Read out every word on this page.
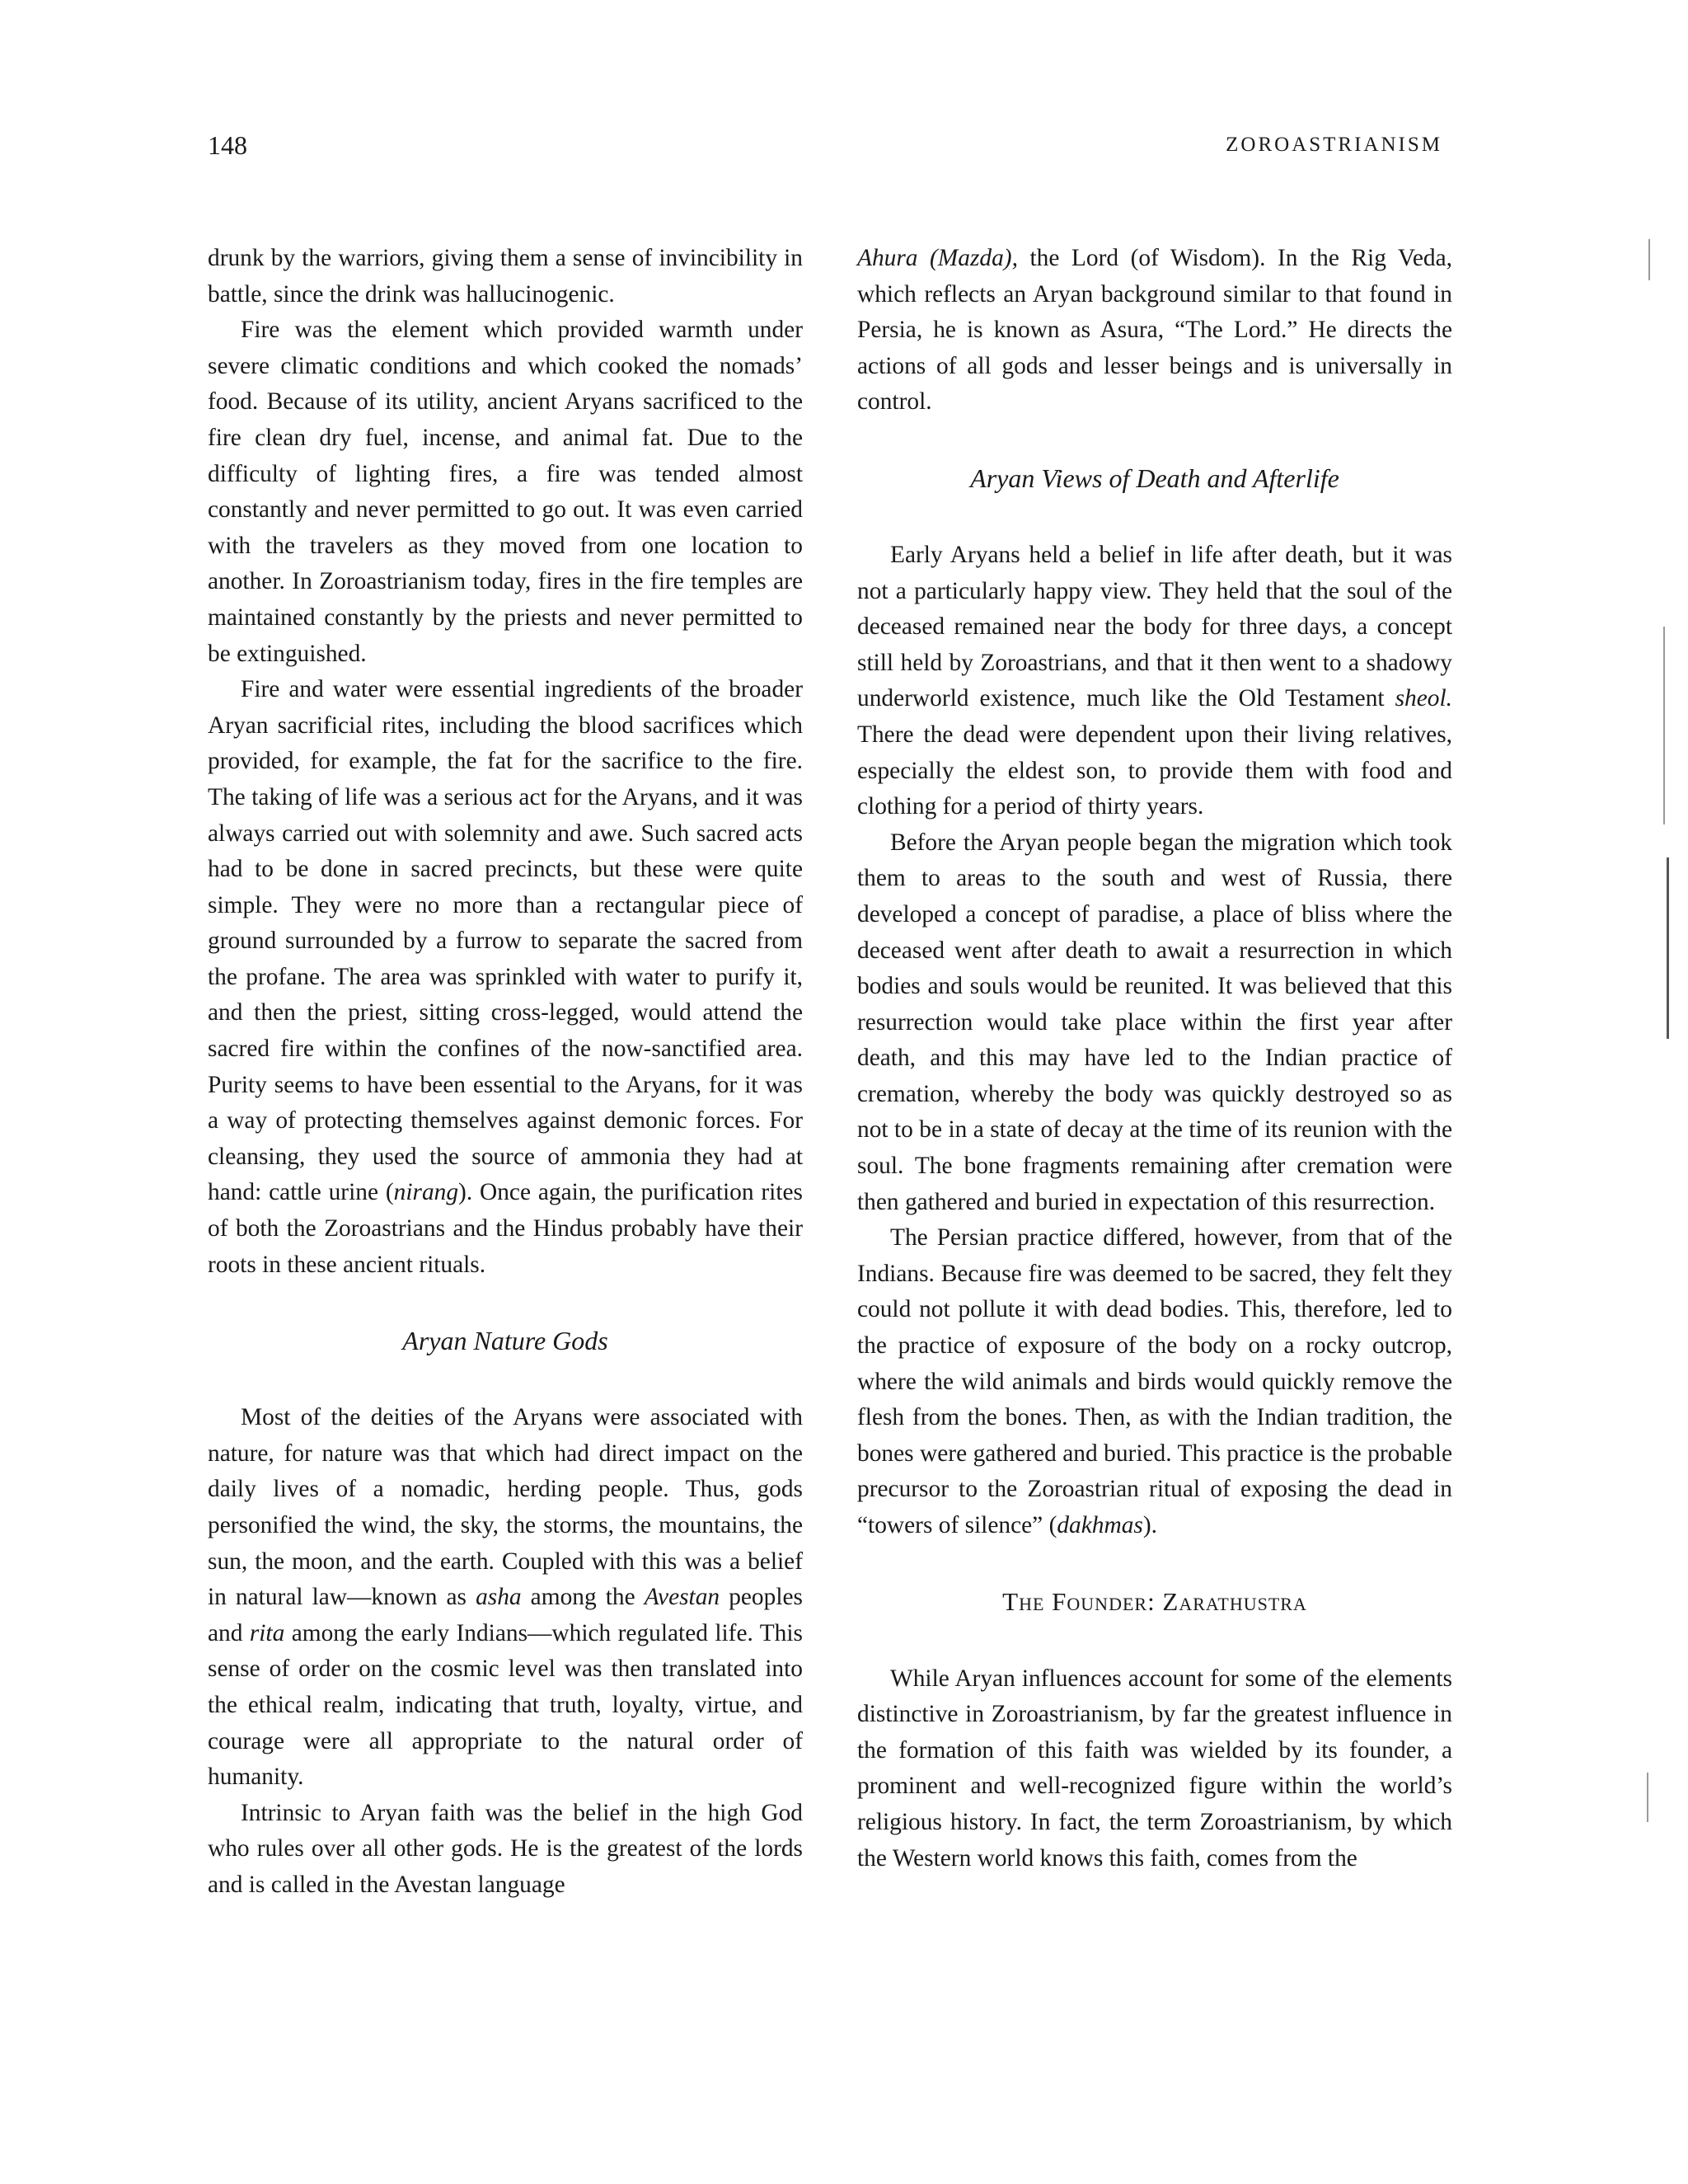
148	ZOROASTRIANISM

drunk by the warriors, giving them a sense of invincibility in battle, since the drink was hallucinogenic.

Fire was the element which provided warmth under severe climatic conditions and which cooked the nomads’ food. Because of its utility, ancient Aryans sacrificed to the fire clean dry fuel, incense, and animal fat. Due to the difficulty of lighting fires, a fire was tended almost constantly and never permitted to go out. It was even carried with the travelers as they moved from one location to another. In Zoroastrianism today, fires in the fire temples are maintained constantly by the priests and never permitted to be extinguished.

Fire and water were essential ingredients of the broader Aryan sacrificial rites, including the blood sacrifices which provided, for example, the fat for the sacrifice to the fire. The taking of life was a serious act for the Aryans, and it was always carried out with solemnity and awe. Such sacred acts had to be done in sacred precincts, but these were quite simple. They were no more than a rectangular piece of ground surrounded by a furrow to separate the sacred from the profane. The area was sprinkled with water to purify it, and then the priest, sitting cross-legged, would attend the sacred fire within the confines of the now-sanctified area. Purity seems to have been essential to the Aryans, for it was a way of protecting themselves against demonic forces. For cleansing, they used the source of ammonia they had at hand: cattle urine (nirang). Once again, the purification rites of both the Zoroastrians and the Hindus probably have their roots in these ancient rituals.

Aryan Nature Gods

Most of the deities of the Aryans were associated with nature, for nature was that which had direct impact on the daily lives of a nomadic, herding people. Thus, gods personified the wind, the sky, the storms, the mountains, the sun, the moon, and the earth. Coupled with this was a belief in natural law—known as asha among the Avestan peoples and rita among the early Indians—which regulated life. This sense of order on the cosmic level was then translated into the ethical realm, indicating that truth, loyalty, virtue, and courage were all appropriate to the natural order of humanity.

Intrinsic to Aryan faith was the belief in the high God who rules over all other gods. He is the greatest of the lords and is called in the Avestan language

Ahura (Mazda), the Lord (of Wisdom). In the Rig Veda, which reflects an Aryan background similar to that found in Persia, he is known as Asura, “The Lord.” He directs the actions of all gods and lesser beings and is universally in control.

Aryan Views of Death and Afterlife

Early Aryans held a belief in life after death, but it was not a particularly happy view. They held that the soul of the deceased remained near the body for three days, a concept still held by Zoroastrians, and that it then went to a shadowy underworld existence, much like the Old Testament sheol. There the dead were dependent upon their living relatives, especially the eldest son, to provide them with food and clothing for a period of thirty years.

Before the Aryan people began the migration which took them to areas to the south and west of Russia, there developed a concept of paradise, a place of bliss where the deceased went after death to await a resurrection in which bodies and souls would be reunited. It was believed that this resurrection would take place within the first year after death, and this may have led to the Indian practice of cremation, whereby the body was quickly destroyed so as not to be in a state of decay at the time of its reunion with the soul. The bone fragments remaining after cremation were then gathered and buried in expectation of this resurrection.

The Persian practice differed, however, from that of the Indians. Because fire was deemed to be sacred, they felt they could not pollute it with dead bodies. This, therefore, led to the practice of exposure of the body on a rocky outcrop, where the wild animals and birds would quickly remove the flesh from the bones. Then, as with the Indian tradition, the bones were gathered and buried. This practice is the probable precursor to the Zoroastrian ritual of exposing the dead in “towers of silence” (dakhmas).

The Founder: Zarathustra

While Aryan influences account for some of the elements distinctive in Zoroastrianism, by far the greatest influence in the formation of this faith was wielded by its founder, a prominent and well-recognized figure within the world’s religious history. In fact, the term Zoroastrianism, by which the Western world knows this faith, comes from the
